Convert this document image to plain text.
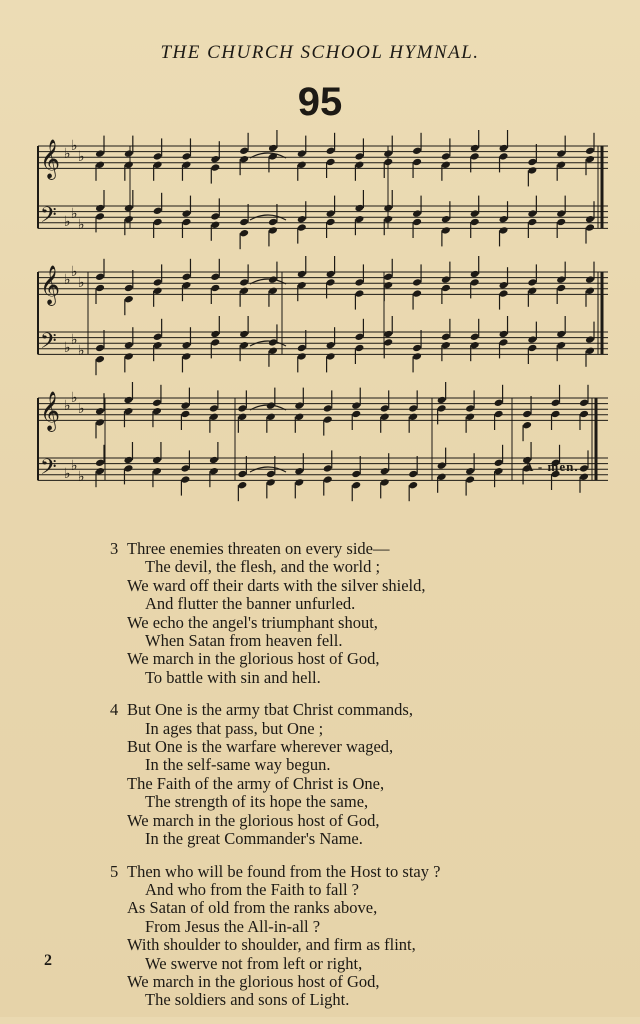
THE CHURCH SCHOOL HYMNAL.
95
𝄞 ♭ ♭
♭
𝄢 ♭ ♭
♭
𝄞 ♭ ♭
♭
𝄢 ♭ ♭
♭
𝄞 ♭ ♭
♭
𝄢 ♭ ♭
♭
A - men.
3 Three enemies threaten on every side—
The devil, the flesh, and the world ;
We ward off their darts with the silver shield,
And flutter the banner unfurled.
We echo the angel's triumphant shout,
When Satan from heaven fell.
We march in the glorious host of God,
To battle with sin and hell.
4 But One is the army tbat Christ commands,
In ages that pass, but One ;
But One is the warfare wherever waged,
In the self-same way begun.
The Faith of the army of Christ is One,
The strength of its hope the same,
We march in the glorious host of God,
In the great Commander's Name.
5 Then who will be found from the Host to stay ?
And who from the Faith to fall ?
As Satan of old from the ranks above,
From Jesus the All-in-all ?
With shoulder to shoulder, and firm as flint,
We swerve not from left or right,
We march in the glorious host of God,
The soldiers and sons of Light.
2
